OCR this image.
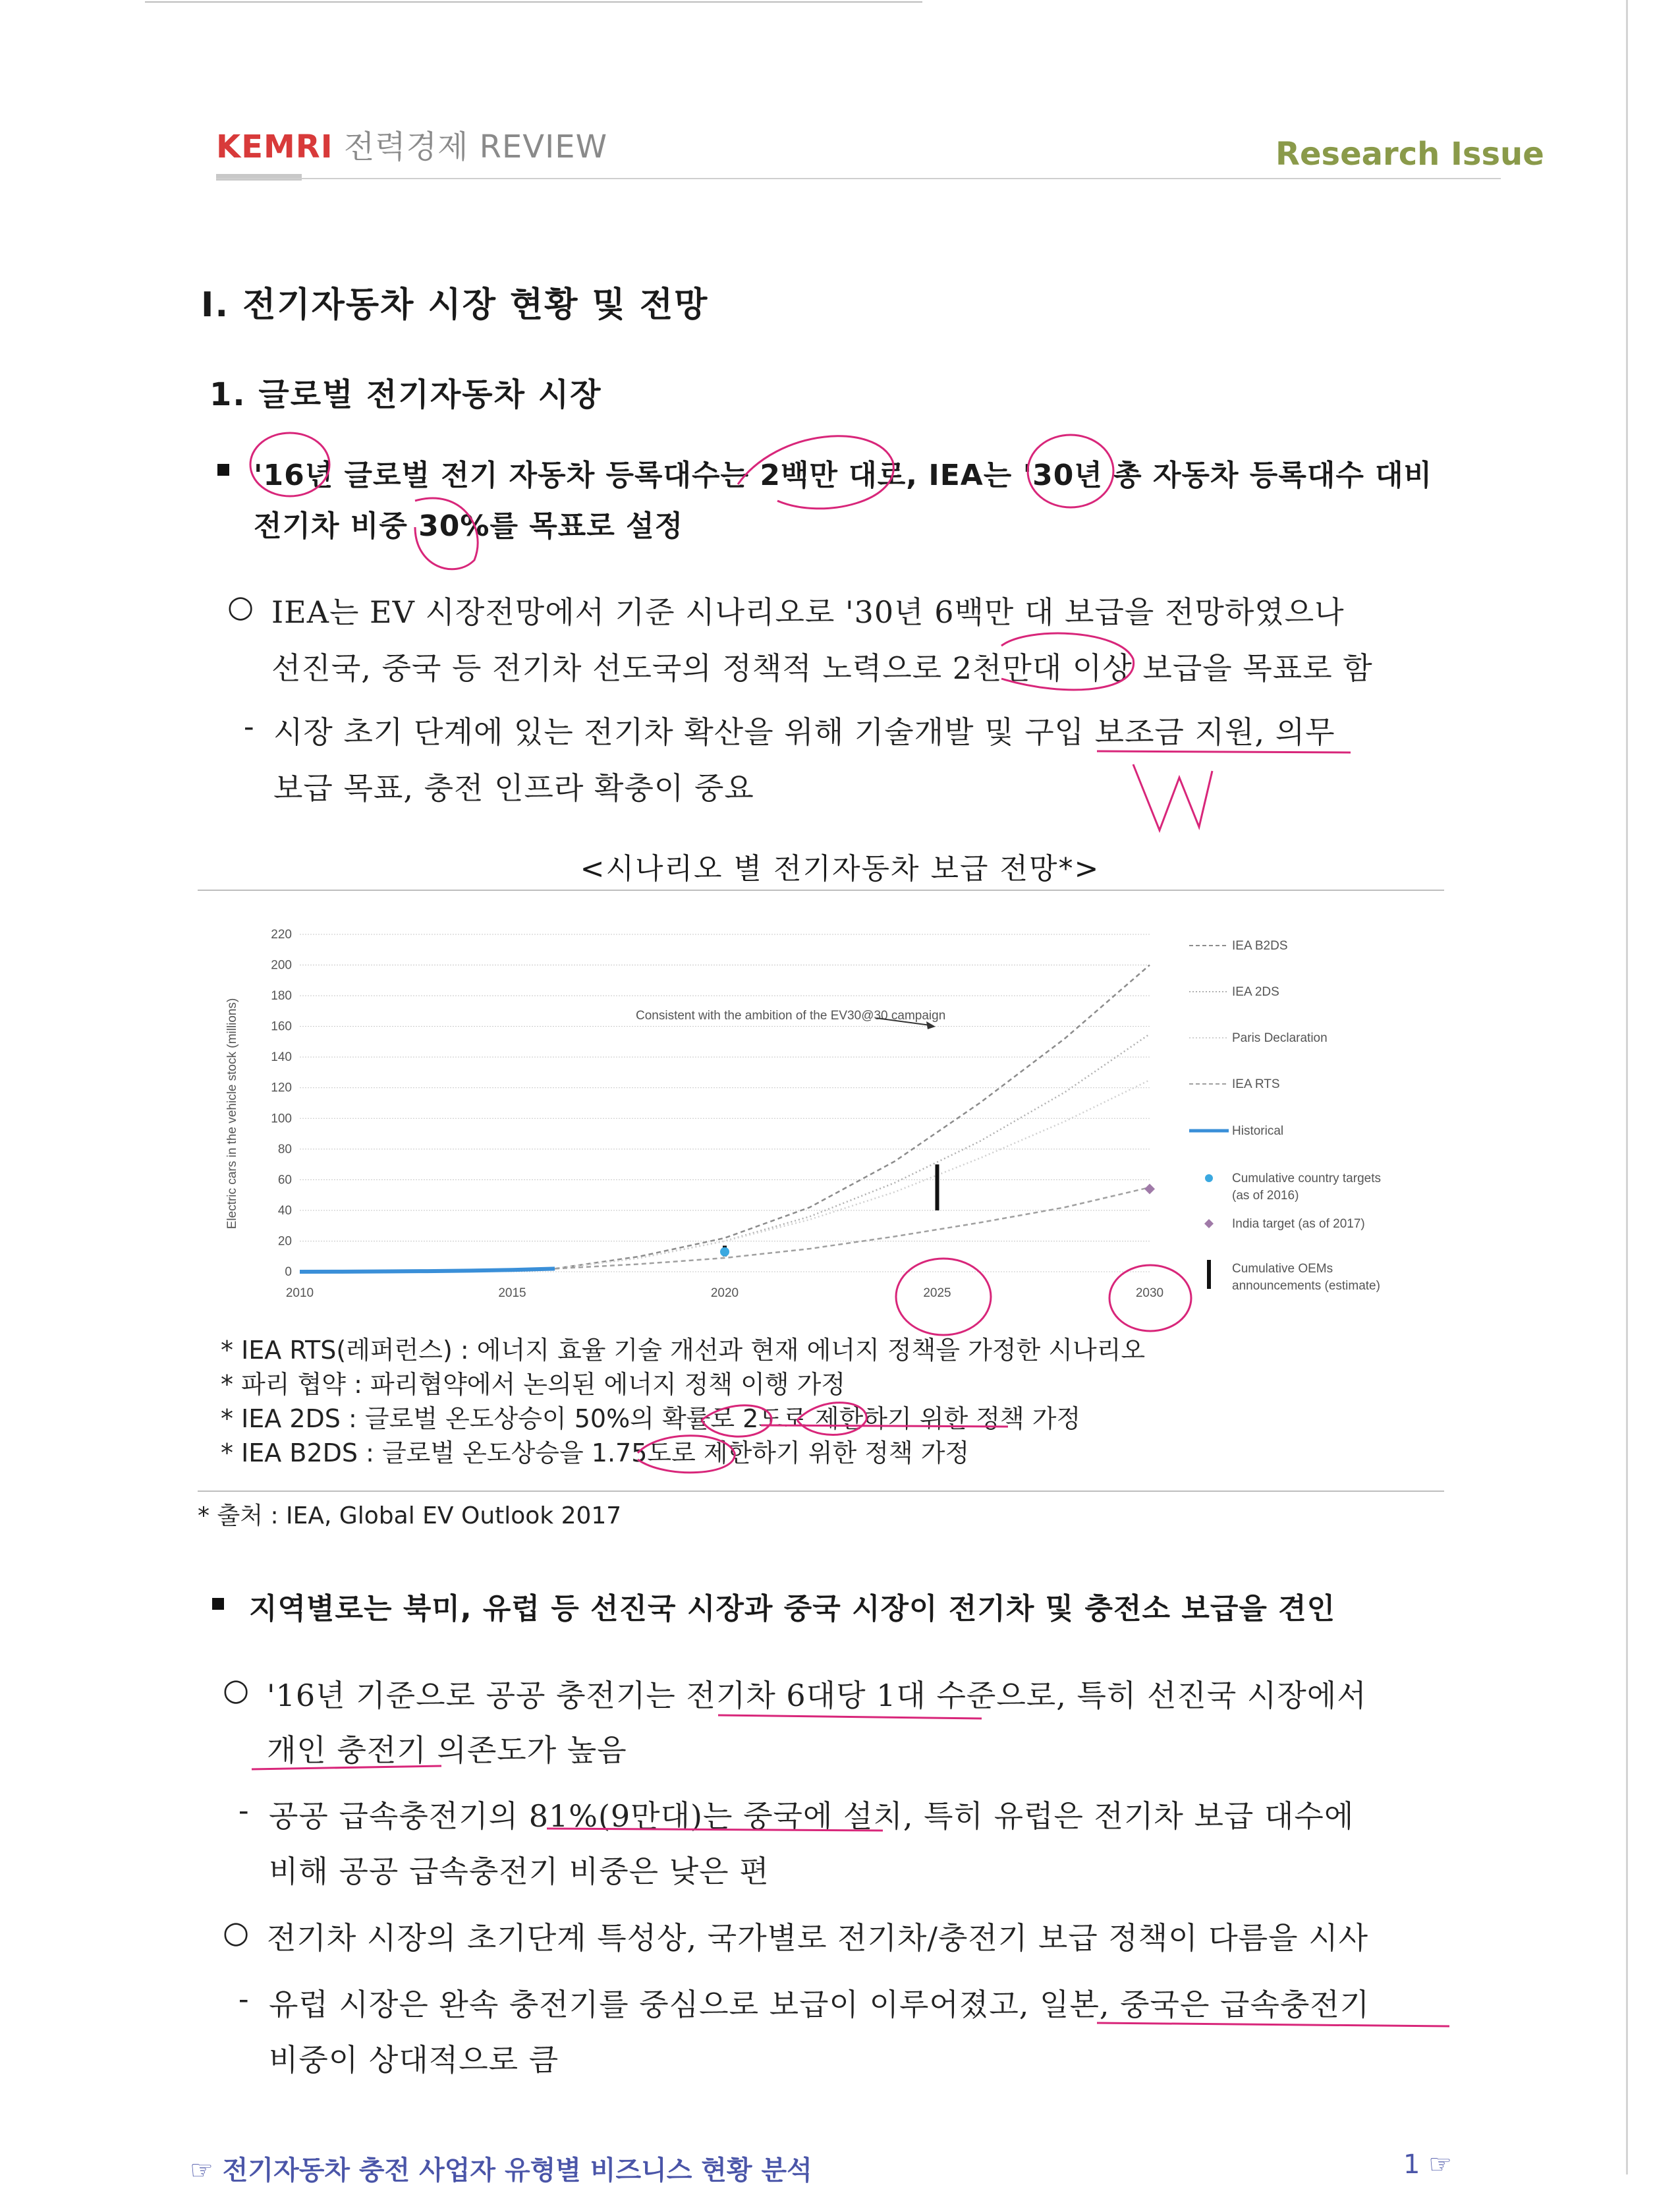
KEMRI 전력경제 REVIEW	Research Issue
Ⅰ. 전기자동차 시장 현황 및 전망
1. 글로벌 전기자동차 시장
'16년 글로벌 전기 자동차 등록대수는 2백만 대로, IEA는 '30년 총 자동차 등록대수 대비
전기차 비중 30%를 목표로 설정
○ IEA는 EV 시장전망에서 기준 시나리오로 '30년 6백만 대 보급을 전망하였으나
선진국, 중국 등 전기차 선도국의 정책적 노력으로 2천만대 이상 보급을 목표로 함
- 시장 초기 단계에 있는 전기차 확산을 위해 기술개발 및 구입 보조금 지원, 의무
보급 목표, 충전 인프라 확충이 중요
<시나리오 별 전기자동차 보급 전망*>
0
20
40
60
80
100
120
140
160
180
200
220
2010	2015	2020	2025	2030
Electric cars in the vehicle stock (millions)	Consistent with the ambition of the EV30@30 campaign
IEA B2DS
IEA 2DS
Paris Declaration
IEA RTS
Historical
Cumulative country targets
(as of 2016)
India target (as of 2017)
Cumulative OEMs
announcements (estimate)
* IEA RTS(레퍼런스) : 에너지 효율 기술 개선과 현재 에너지 정책을 가정한 시나리오
* 파리 협약 : 파리협약에서 논의된 에너지 정책 이행 가정
* IEA 2DS : 글로벌 온도상승이 50%의 확률로 2도로 제한하기 위한 정책 가정
* IEA B2DS : 글로벌 온도상승을 1.75도로 제한하기 위한 정책 가정
* 출처 : IEA, Global EV Outlook 2017
지역별로는 북미, 유럽 등 선진국 시장과 중국 시장이 전기차 및 충전소 보급을 견인
○ '16년 기준으로 공공 충전기는 전기차 6대당 1대 수준으로, 특히 선진국 시장에서
개인 충전기 의존도가 높음
- 공공 급속충전기의 81%(9만대)는 중국에 설치, 특히 유럽은 전기차 보급 대수에
비해 공공 급속충전기 비중은 낮은 편
○ 전기차 시장의 초기단계 특성상, 국가별로 전기차/충전기 보급 정책이 다름을 시사
- 유럽 시장은 완속 충전기를 중심으로 보급이 이루어졌고, 일본, 중국은 급속충전기
비중이 상대적으로 큼
☞ 전기자동차 충전 사업자 유형별 비즈니스 현황 분석	1 ☞
